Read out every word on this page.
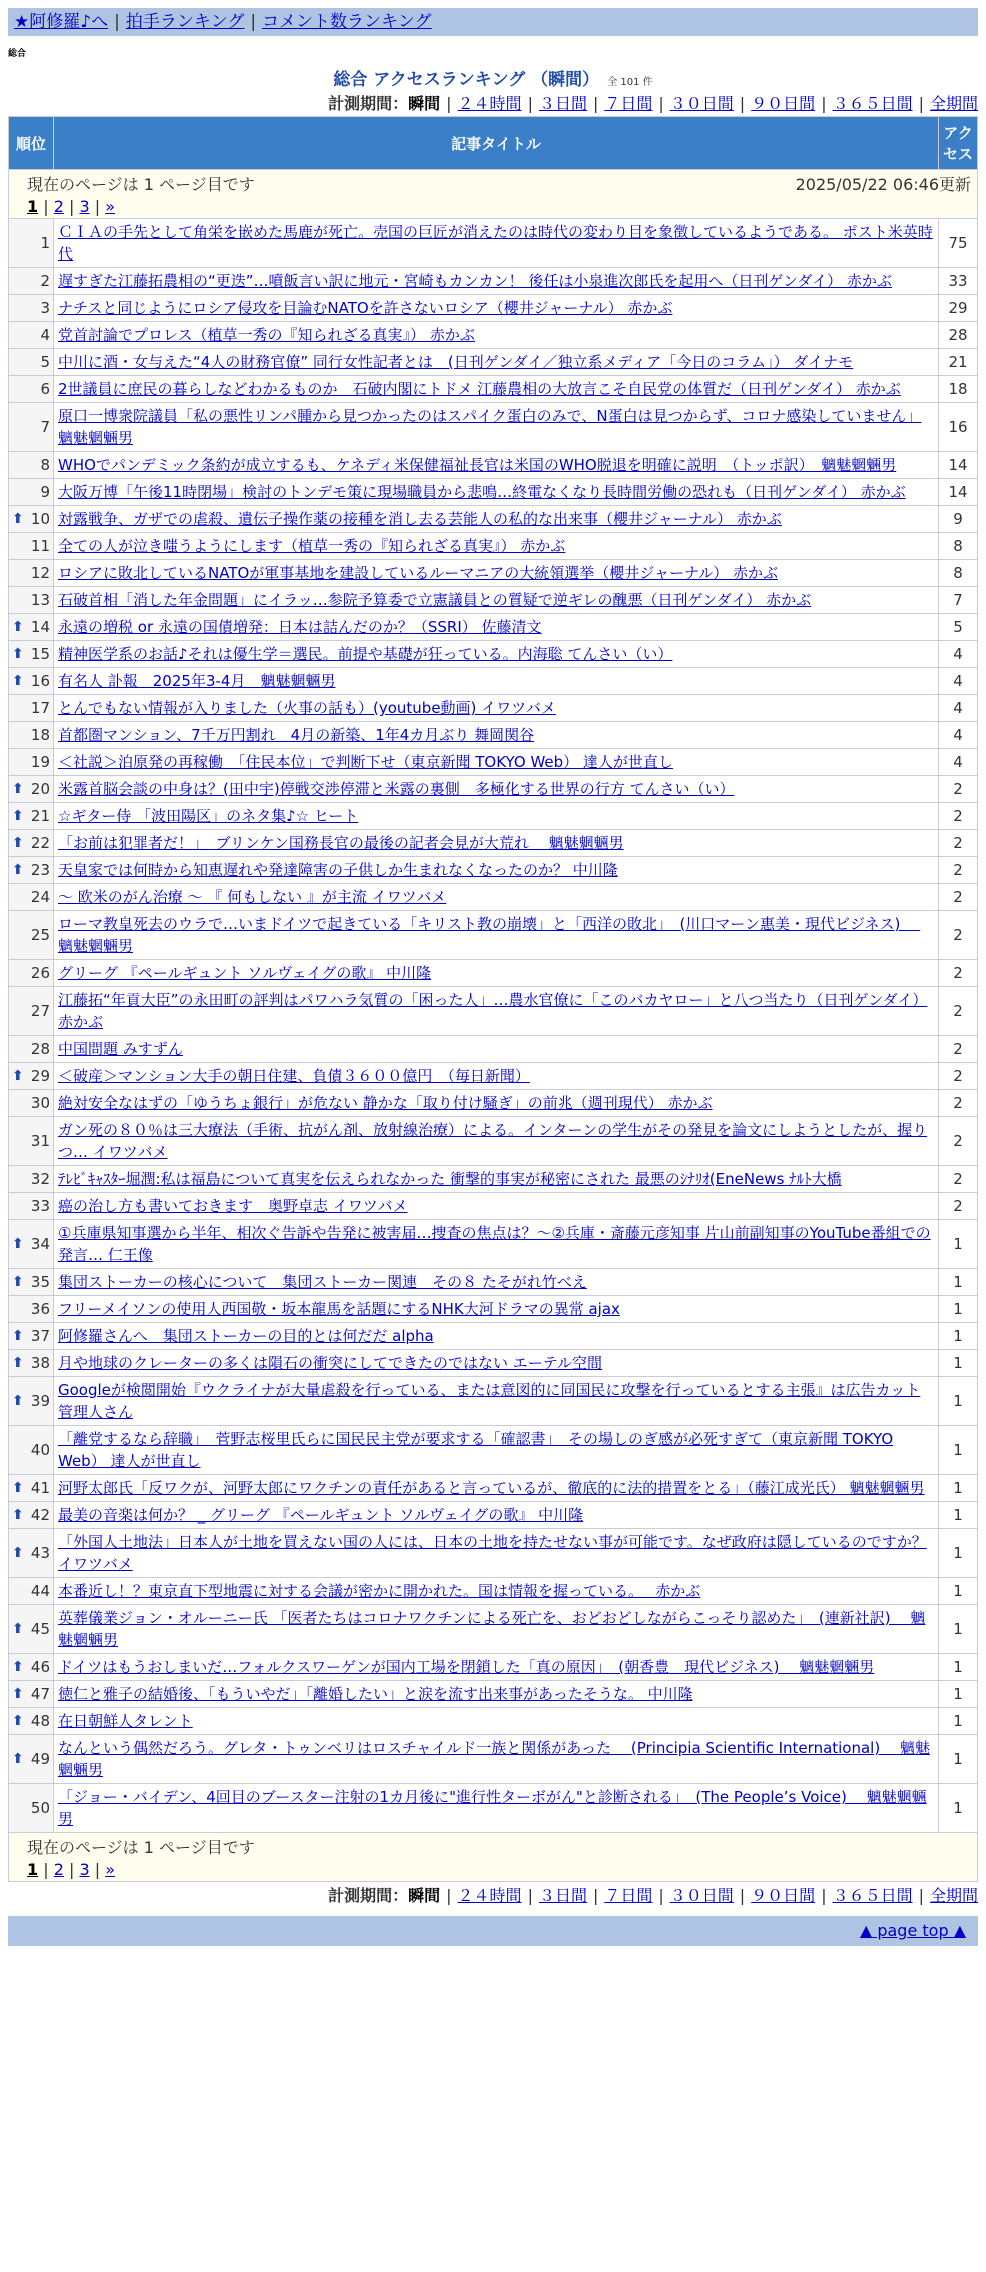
★阿修羅♪へ | 拍手ランキング | コメント数ランキング
総合
総合 アクセスランキング （瞬間） 全 101 件
計測期間：瞬間 | ２４時間 | ３日間 | ７日間 | ３０日間 | ９０日間 | ３６５日間 | 全期間
2025/05/22 06:46更新
現在のページは 1 ページ目です
1 | 2 | 3 | »		

順位	記事タイトル	アクセス
1	ＣＩＡの手先として角栄を嵌めた馬鹿が死亡。売国の巨匠が消えたのは時代の変わり目を象徴しているようである。 ポスト米英時代	75
2	遅すぎた江藤拓農相の“更迭”…噴飯言い訳に地元・宮崎もカンカン！ 後任は小泉進次郎氏を起用へ（日刊ゲンダイ） 赤かぶ	33
3	ナチスと同じようにロシア侵攻を目論むNATOを許さないロシア（櫻井ジャーナル） 赤かぶ	29
4	党首討論でプロレス（植草一秀の『知られざる真実』） 赤かぶ	28
5	中川に酒・女与えた“4人の財務官僚” 同行女性記者とは　(日刊ゲンダイ／独立系メディア「今日のコラム」） ダイナモ	21
6	2世議員に庶民の暮らしなどわかるものか　石破内閣にトドメ 江藤農相の大放言こそ自民党の体質だ（日刊ゲンダイ） 赤かぶ	18
7	原口一博衆院議員「私の悪性リンパ腫から見つかったのはスパイク蛋白のみで、N蛋白は見つからず、コロナ感染していません」 魑魅魍魎男	16
8	WHOでパンデミック条約が成立するも、ケネディ米保健福祉長官は米国のWHO脱退を明確に説明　（トッポ訳）　魑魅魍魎男	14
9	大阪万博「午後11時閉場」検討のトンデモ策に現場職員から悲鳴…終電なくなり長時間労働の恐れも（日刊ゲンダイ） 赤かぶ	14

⬆ 10	対露戦争、ガザでの虐殺、遺伝子操作薬の接種を消し去る芸能人の私的な出来事（櫻井ジャーナル） 赤かぶ	9
11	全ての人が泣き嗤うようにします（植草一秀の『知られざる真実』） 赤かぶ	8
12	ロシアに敗北しているNATOが軍事基地を建設しているルーマニアの大統領選挙（櫻井ジャーナル） 赤かぶ	8
13	石破首相「消した年金問題」にイラッ…参院予算委で立憲議員との質疑で逆ギレの醜悪（日刊ゲンダイ） 赤かぶ	7

⬆ 14	永遠の増税 or 永遠の国債増発：日本は詰んだのか？（SSRI） 佐藤清文	5

⬆ 15	精神医学系のお話♪それは優生学＝選民。前提や基礎が狂っている。内海聡 てんさい（い）	4

⬆ 16	有名人 訃報　2025年3-4月　魑魅魍魎男	4
17	とんでもない情報が入りました（火事の話も）(youtube動画) イワツバメ	4
18	首都圏マンション、7千万円割れ　4月の新築、1年4カ月ぶり 舞岡関谷	4
19	＜社説＞泊原発の再稼働　「住民本位」で判断下せ（東京新聞 TOKYO Web） 達人が世直し	4

⬆ 20	米露首脳会談の中身は？(田中宇)停戦交渉停滞と米露の裏側　多極化する世界の行方 てんさい（い）	2

⬆ 21	☆ギター侍 「波田陽区」のネタ集♪☆ ヒート	2

⬆ 22	「お前は犯罪者だ！」　ブリンケン国務長官の最後の記者会見が大荒れ　 魑魅魍魎男	2

⬆ 23	天皇家では何時から知恵遅れや発達障害の子供しか生まれなくなったのか？ 中川隆	2
24	～ 欧米のがん治療 ～ 『 何もしない 』が主流 イワツバメ	2
25	ローマ教皇死去のウラで…いまドイツで起きている「キリスト教の崩壊」と「西洋の敗北」　(川口マーン惠美・現代ビジネス)　 魑魅魍魎男	2
26	グリーグ 『ペールギュント ソルヴェイグの歌』 中川隆	2
27	江藤拓“年貢大臣”の永田町の評判はパワハラ気質の「困った人」…農水官僚に「このバカヤロー」と八つ当たり（日刊ゲンダイ） 赤かぶ	2
28	中国問題 みすずん	2

⬆ 29	＜破産＞マンション大手の朝日住建、負債３６００億円　（毎日新聞）	2
30	絶対安全なはずの「ゆうちょ銀行」が危ない 静かな「取り付け騒ぎ」の前兆（週刊現代） 赤かぶ	2
31	ガン死の８０％は三大療法（手術、抗がん剤、放射線治療）による。インターンの学生がその発見を論文にしようとしたが、握りつ… イワツバメ	2
32	ﾃﾚﾋﾞｷｬｽﾀｰ堀潤:私は福島について真実を伝えられなかった 衝撃的事実が秘密にされた 最悪のｼﾅﾘｵ(EneNews ﾅﾙﾄ大橋	2
33	癌の治し方も書いておきます　奥野卓志 イワツバメ	2

⬆ 34	①兵庫県知事選から半年、相次ぐ告訴や告発に被害届…捜査の焦点は？～②兵庫・斎藤元彦知事 片山前副知事のYouTube番組での発言… 仁王像	1

⬆ 35	集団ストーカーの核心について　集団ストーカー関連　その８ たそがれ竹べえ	1
36	フリーメイソンの使用人西国敬・坂本龍馬を話題にするNHK大河ドラマの異常 ajax	1

⬆ 37	阿修羅さんへ　集団ストーカーの目的とは何だだ alpha	1

⬆ 38	月や地球のクレーターの多くは隕石の衝突にしてできたのではない エーテル空間	1

⬆ 39	Googleが検閲開始『ウクライナが大量虐殺を行っている、または意図的に同国民に攻撃を行っているとする主張』は広告カット 管理人さん	1
40	「離党するなら辞職」　菅野志桜里氏らに国民民主党が要求する「確認書」　その場しのぎ感が必死すぎて（東京新聞 TOKYO Web） 達人が世直し	1

⬆ 41	河野太郎氏「反ワクが、河野太郎にワクチンの責任があると言っているが、徹底的に法的措置をとる」（藤江成光氏） 魑魅魍魎男	1

⬆ 42	最美の音楽は何か？ _ グリーグ 『ペールギュント ソルヴェイグの歌』 中川隆	1

⬆ 43	「外国人土地法」日本人が土地を買えない国の人には、日本の土地を持たせない事が可能です。なぜ政府は隠しているのですか？ イワツバメ	1
44	本番近し！？東京直下型地震に対する会議が密かに開かれた。国は情報を握っている。　 赤かぶ	1

⬆ 45	英葬儀業ジョン・オルーニー氏 「医者たちはコロナワクチンによる死亡を、おどおどしながらこっそり認めた」　(連新社訳)　 魑魅魍魎男	1

⬆ 46	ドイツはもうおしまいだ…フォルクスワーゲンが国内工場を閉鎖した「真の原因」　(朝香豊　現代ビジネス)　 魑魅魍魎男	1

⬆ 47	徳仁と雅子の結婚後、「もういやだ」「離婚したい」と涙を流す出来事があったそうな。 中川隆	1

⬆ 48	在日朝鮮人タレント	1

⬆ 49	なんという偶然だろう。グレタ・トゥンベリはロスチャイルド一族と関係があった　 (Principia Scientific International)　 魑魅魍魎男	1
50	「ジョー・バイデン、4回目のブースター注射の1カ月後に"進行性ターボがん"と診断される」　(The People’s Voice)　 魑魅魍魎男	1
現在のページは 1 ページ目です
1 | 2 | 3 | »		
計測期間：瞬間 | ２４時間 | ３日間 | ７日間 | ３０日間 | ９０日間 | ３６５日間 | 全期間
▲ page top ▲
